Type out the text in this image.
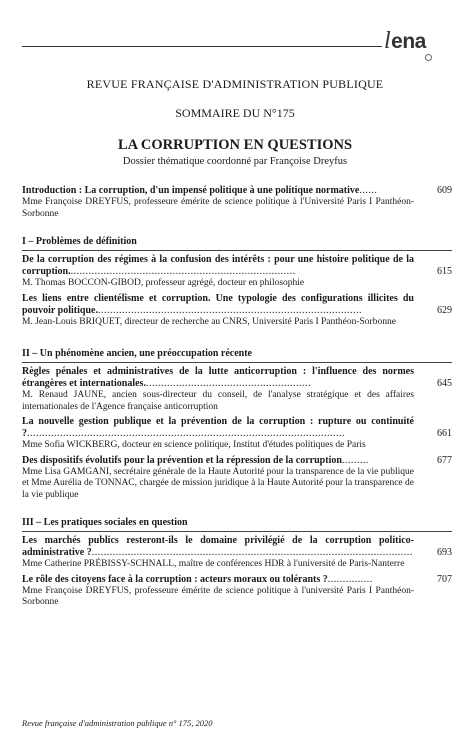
lena
REVUE FRANÇAISE D'ADMINISTRATION PUBLIQUE
SOMMAIRE DU N°175
LA CORRUPTION EN QUESTIONS
Dossier thématique coordonné par Françoise Dreyfus
609
Introduction : La corruption, d'un impensé politique à une politique normative......
Mme Françoise DREYFUS, professeure émérite de science politique à l'Université Paris I Panthéon-Sorbonne
I – Problèmes de définition
615
De la corruption des régimes à la confusion des intérêts : pour une histoire politique de la corruption............................................................................
M. Thomas BOCCON-GIBOD, professeur agrégé, docteur en philosophie
629
Les liens entre clientélisme et corruption. Une typologie des configurations illicites du pouvoir politique.........................................................................................
M. Jean-Louis BRIQUET, directeur de recherche au CNRS, Université Paris I Panthéon-Sorbonne
II – Un phénomène ancien, une préoccupation récente
645
Règles pénales et administratives de la lutte anticorruption : l'influence des normes étrangères et internationales........................................................
M. Renaud JAUNE, ancien sous-directeur du conseil, de l'analyse stratégique et des affaires internationales de l'Agence française anticorruption
661
La nouvelle gestion publique et la prévention de la corruption : rupture ou continuité ?..........................................................................................................
Mme Sofia WICKBERG, docteur en science politique, Institut d'études politiques de Paris
677
Des dispositifs évolutifs pour la prévention et la répression de la corruption.........
Mme Lisa GAMGANI, secrétaire générale de la Haute Autorité pour la transparence de la vie publique et Mme Aurélia de TONNAC, chargée de mission juridique à la Haute Autorité pour la transparence de la vie publique
III – Les pratiques sociales en question
693
Les marchés publics resteront-ils le domaine privilégié de la corruption politico-administrative ?...........................................................................................................
Mme Catherine PRÉBISSY-SCHNALL, maître de conférences HDR à l'université de Paris-Nanterre
707
Le rôle des citoyens face à la corruption : acteurs moraux ou tolérants ?...............
Mme Françoise DREYFUS, professeure émérite de science politique à l'université Paris I Panthéon-Sorbonne
Revue française d'administration publique n° 175, 2020
